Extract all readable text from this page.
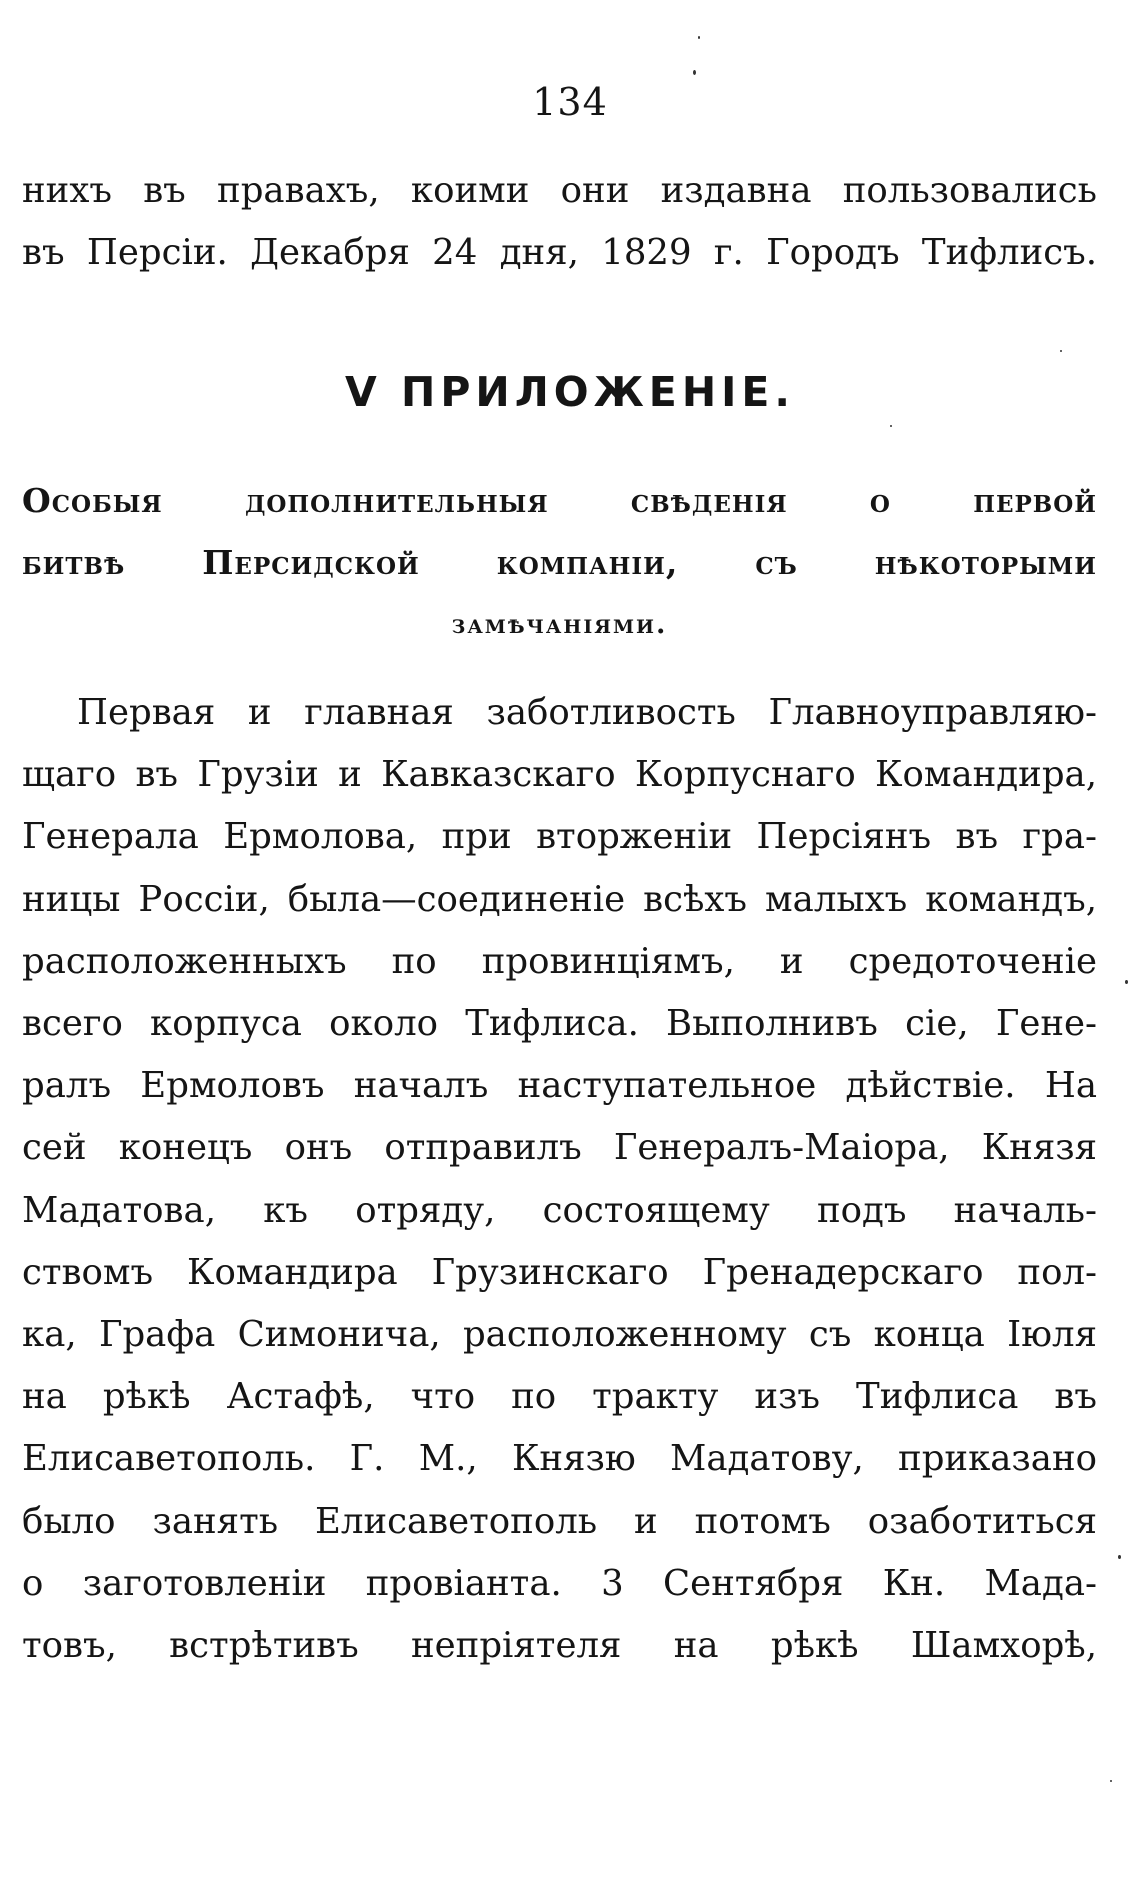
134
нихъ въ правахъ, коими они издавна пользовались
въ Персіи. Декабря 24 дня, 1829 г. Городъ Тифлисъ.
V ПРИЛОЖЕНІЕ.
Особыя дополнительныя свѣденія о первой
битвѣ Персидской компаніи, съ нѣкоторыми
замѣчаніями.
Первая и главная заботливость Главноуправляю-
щаго въ Грузіи и Кавказскаго Корпуснаго Командира,
Генерала Ермолова, при вторженіи Персіянъ въ гра-
ницы Россіи, была—соединеніе всѣхъ малыхъ командъ,
расположенныхъ по провинціямъ, и средоточеніе
всего корпуса около Тифлиса. Выполнивъ сіе, Гене-
ралъ Ермоловъ началъ наступательное дѣйствіе. На
сей конецъ онъ отправилъ Генералъ-Маіора, Князя
Мадатова, къ отряду, состоящему подъ началь-
ствомъ Командира Грузинскаго Гренадерскаго пол-
ка, Графа Симонича, расположенному съ конца Іюля
на рѣкѣ Астафѣ, что по тракту изъ Тифлиса въ
Елисаветополь. Г. М., Князю Мадатову, приказано
было занять Елисаветополь и потомъ озаботиться
о заготовленіи провіанта. 3 Сентября Кн. Мада-
товъ, встрѣтивъ непріятеля на рѣкѣ Шамхорѣ,
